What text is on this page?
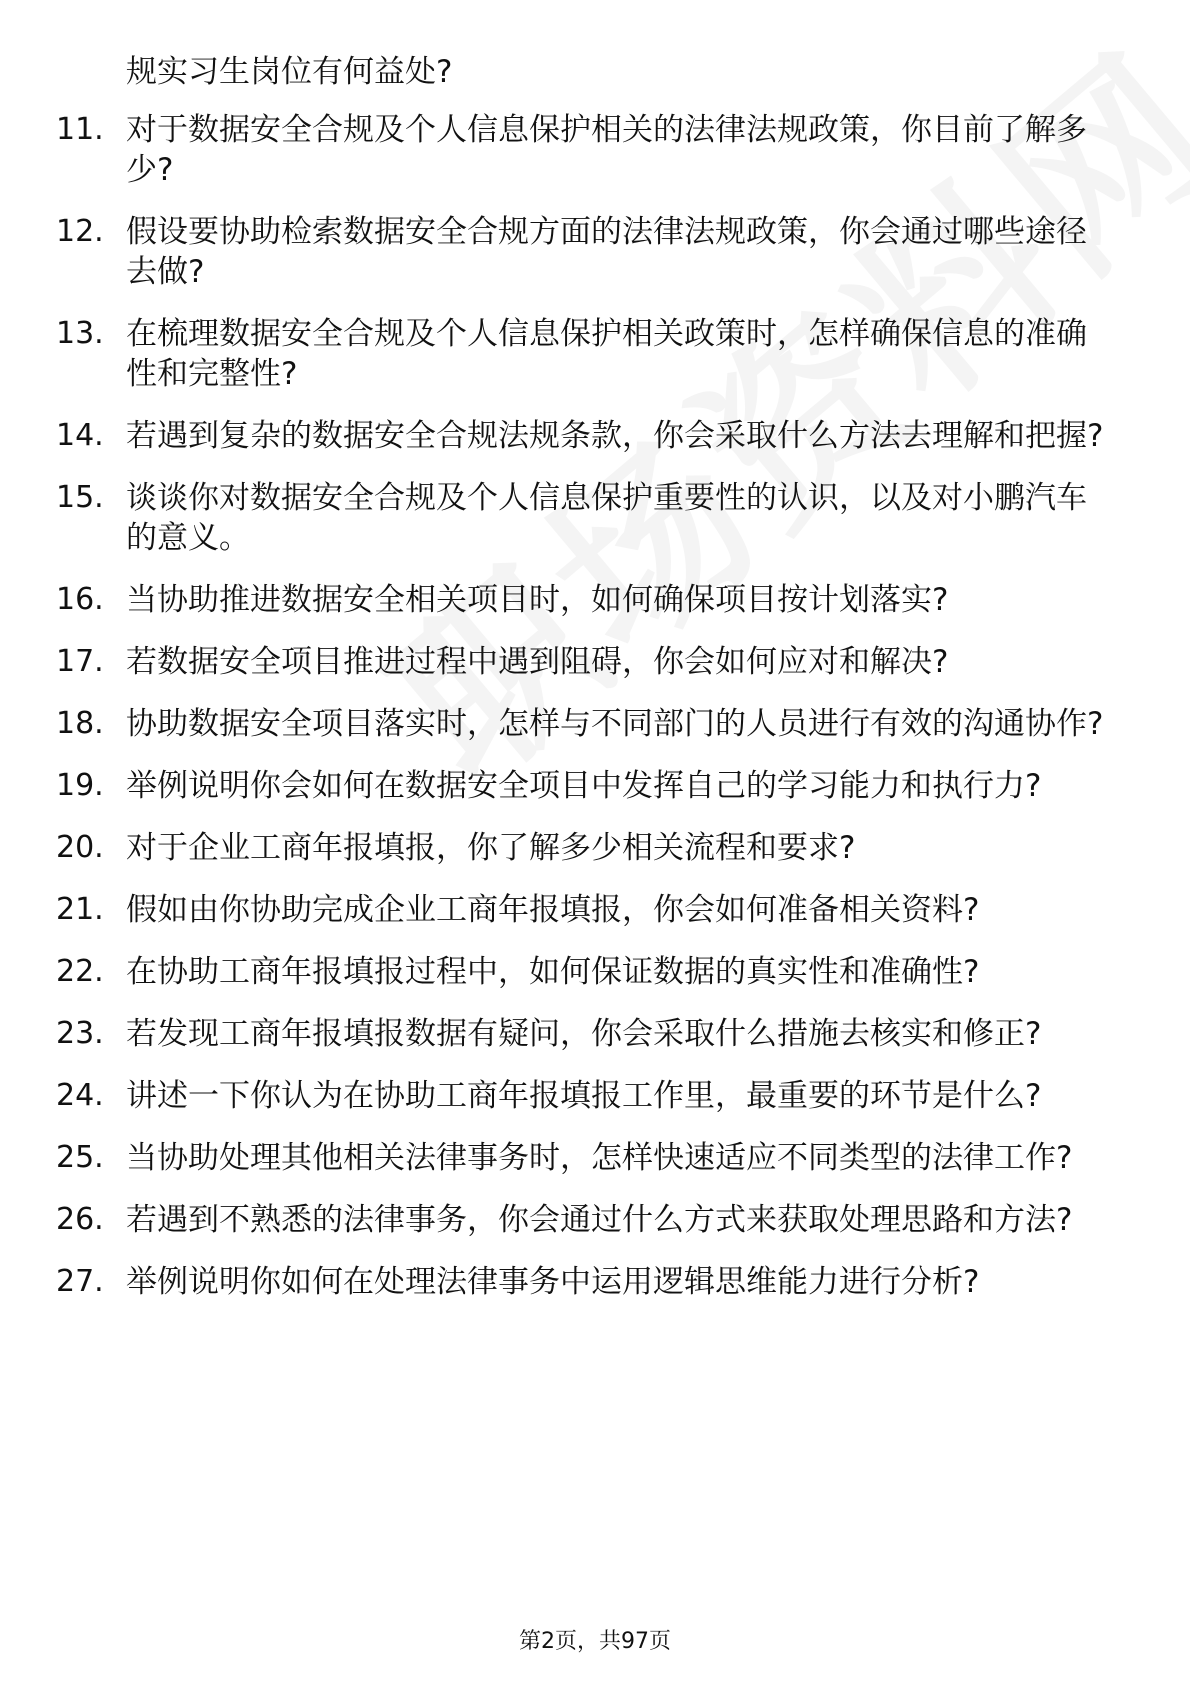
规实习生岗位有何益处?
11. 对于数据安全合规及个人信息保护相关的法律法规政策，你目前了解多少?
12. 假设要协助检索数据安全合规方面的法律法规政策，你会通过哪些途径去做?
13. 在梳理数据安全合规及个人信息保护相关政策时，怎样确保信息的准确性和完整性?
14. 若遇到复杂的数据安全合规法规条款，你会采取什么方法去理解和把握?
15. 谈谈你对数据安全合规及个人信息保护重要性的认识，以及对小鹏汽车的意义。
16. 当协助推进数据安全相关项目时，如何确保项目按计划落实?
17. 若数据安全项目推进过程中遇到阻碍，你会如何应对和解决?
18. 协助数据安全项目落实时，怎样与不同部门的人员进行有效的沟通协作?
19. 举例说明你会如何在数据安全项目中发挥自己的学习能力和执行力?
20. 对于企业工商年报填报，你了解多少相关流程和要求?
21. 假如由你协助完成企业工商年报填报，你会如何准备相关资料?
22. 在协助工商年报填报过程中，如何保证数据的真实性和准确性?
23. 若发现工商年报填报数据有疑问，你会采取什么措施去核实和修正?
24. 讲述一下你认为在协助工商年报填报工作里，最重要的环节是什么?
25. 当协助处理其他相关法律事务时，怎样快速适应不同类型的法律工作?
26. 若遇到不熟悉的法律事务，你会通过什么方式来获取处理思路和方法?
27. 举例说明你如何在处理法律事务中运用逻辑思维能力进行分析?
第2页，共97页
